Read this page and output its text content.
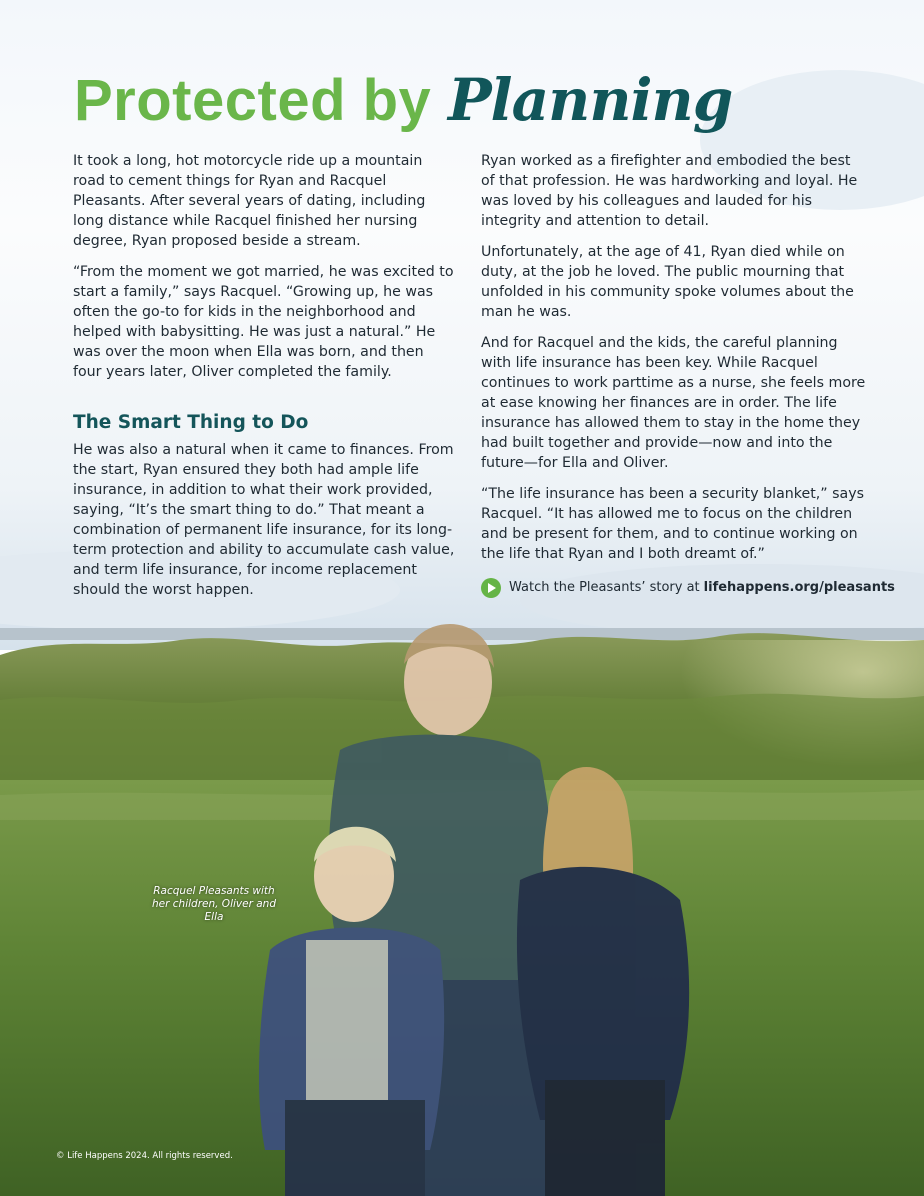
Protected by Planning

It took a long, hot motorcycle ride up a mountain road to cement things for Ryan and Racquel Pleasants. After several years of dating, including long distance while Racquel finished her nursing degree, Ryan proposed beside a stream.

“From the moment we got married, he was excited to start a family,” says Racquel. “Growing up, he was often the go-to for kids in the neighborhood and helped with babysitting. He was just a natural.” He was over the moon when Ella was born, and then four years later, Oliver completed the family.

The Smart Thing to Do

He was also a natural when it came to finances. From the start, Ryan ensured they both had ample life insurance, in addition to what their work provided, saying, “It’s the smart thing to do.” That meant a combination of permanent life insurance, for its long-term protection and ability to accumulate cash value, and term life insurance, for income replacement should the worst happen.

Ryan worked as a firefighter and embodied the best of that profession. He was hardworking and loyal. He was loved by his colleagues and lauded for his integrity and attention to detail.

Unfortunately, at the age of 41, Ryan died while on duty, at the job he loved. The public mourning that unfolded in his community spoke volumes about the man he was.

And for Racquel and the kids, the careful planning with life insurance has been key. While Racquel continues to work parttime as a nurse, she feels more at ease knowing her finances are in order. The life insurance has allowed them to stay in the home they had built together and provide—now and into the future—for Ella and Oliver.

“The life insurance has been a security blanket,” says Racquel. “It has allowed me to focus on the children and be present for them, and to continue working on the life that Ryan and I both dreamt of.”

Watch the Pleasants’ story at lifehappens.org/pleasants
Racquel Pleasants with her children, Oliver and Ella
© Life Happens 2024. All rights reserved.
